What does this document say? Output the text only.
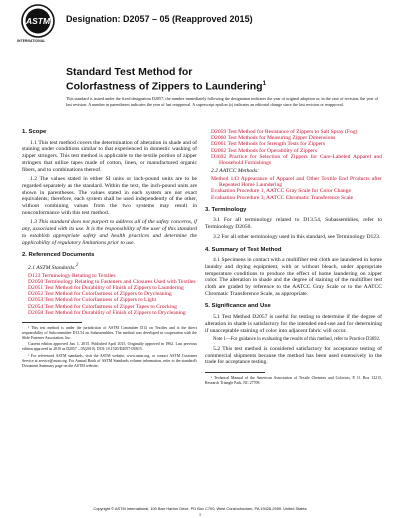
ASTM
INTERNATIONAL
Designation: D2057 – 05 (Reapproved 2015)
Standard Test Method for
Colorfastness of Zippers to Laundering$^1$
This standard is issued under the fixed designation D2057; the number immediately following the designation indicates the year of original adoption or, in the case of revision, the year of last revision. A number in parentheses indicates the year of last reapproval. A superscript epsilon (ε) indicates an editorial change since the last revision or reapproval.
1. Scope

1.1 This test method covers the determination of alteration in shade and of staining under conditions similar to that experienced in domestic washing of zipper stringers. This test method is applicable to the textile portion of zipper stringers that utilize tapes made of cotton, linen, or manufactured organic fibers, and to combinations thereof.

1.2 The values stated in either SI units or inch-pound units are to be regarded separately as the standard. Within the text, the inch-pound units are shown in parentheses. The values stated in each system are not exact equivalents; therefore, each system shall be used independently of the other, without combining values from the two systems may result in nonconformance with this test method.

1.3 This standard does not purport to address all of the safety concerns, if any, associated with its use. It is the responsibility of the user of this standard to establish appropriate safety and health practices and determine the applicability of regulatory limitations prior to use.

2. Referenced Documents
2.1 ASTM Standards:$^2$
D123 Terminology Relating to Textiles
D2050 Terminology Relating to Fasteners and Closures Used with Textiles
D2051 Test Method for Durability of Finish of Zippers to Laundering
D2052 Test Method for Colorfastness of Zippers to Drycleaning
D2053 Test Method for Colorfastness of Zippers to Light
D2054 Test Method for Colorfastness of Zipper Tapes to Crocking
D2058 Test Method for Durability of Finish of Zippers to Drycleaning
¹ This test method is under the jurisdiction of ASTM Committee D13 on Textiles and is the direct responsibility of Subcommittee D13.54 on Subassemblies. The method was developed in cooperation with the Slide Fastener Association, Inc.
Current edition approved Jan. 1, 2015. Published April 2015. Originally approved in 1962. Last previous edition approved in 2010 as D2057 – 05(2010). DOI: 10.1520/D2057-05R15.
² For referenced ASTM standards, visit the ASTM website, www.astm.org, or contact ASTM Customer Service at service@astm.org. For Annual Book of ASTM Standards volume information, refer to the standard's Document Summary page on the ASTM website.
D2059 Test Method for Resistance of Zippers to Salt Spray (Fog)
D2060 Test Methods for Measuring Zipper Dimensions
D2061 Test Methods for Strength Tests for Zippers
D2062 Test Methods for Operability of Zippers
D3692 Practice for Selection of Zippers for Care-Labeled Apparel and Household Furnishings
2.2 AATCC Methods:
Method 143 Appearance of Apparel and Other Textile End Products after Repeated Home Laundering
Evaluation Procedure 1, AATCC Gray Scale for Color Change
Evaluation Procedure 3, AATCC Chromatic Transference Scale
3. Terminology

3.1 For all terminology related to D13.54, Subassemblies, refer to Terminology D2050.

3.2 For all other terminology used in this standard, see Terminology D123.

4. Summary of Test Method

4.1 Specimens in contact with a multifiber test cloth are laundered in home laundry and drying equipment, with or without bleach, under appropriate temperature conditions to produce the effect of home laundering on zipper color. The alteration in shade and the degree of staining of the multifiber test cloth are graded by reference to the AATCC Gray Scale or to the AATCC Chromatic Transference Scale, as appropriate.

5. Significance and Use

5.1 Test Method D2057 is useful for testing to determine if the degree of alteration in shade is satisfactory for the intended end-use and for determining if unacceptable staining of color into adjacent fabric will occur.

Note 1—For guidance in evaluating the results of this method, refer to Practice D3692.

5.2 This test method is considered satisfactory for acceptance testing of commercial shipments because the method has been used extensively in the trade for acceptance testing.

³ Technical Manual of the American Association of Textile Chemists and Colorists, P. O. Box 12215, Research Triangle Park, NC 27709.
Copyright © ASTM International, 100 Barr Harbor Drive, PO Box C700, West Conshohocken, PA 19428-2959. United States
1
